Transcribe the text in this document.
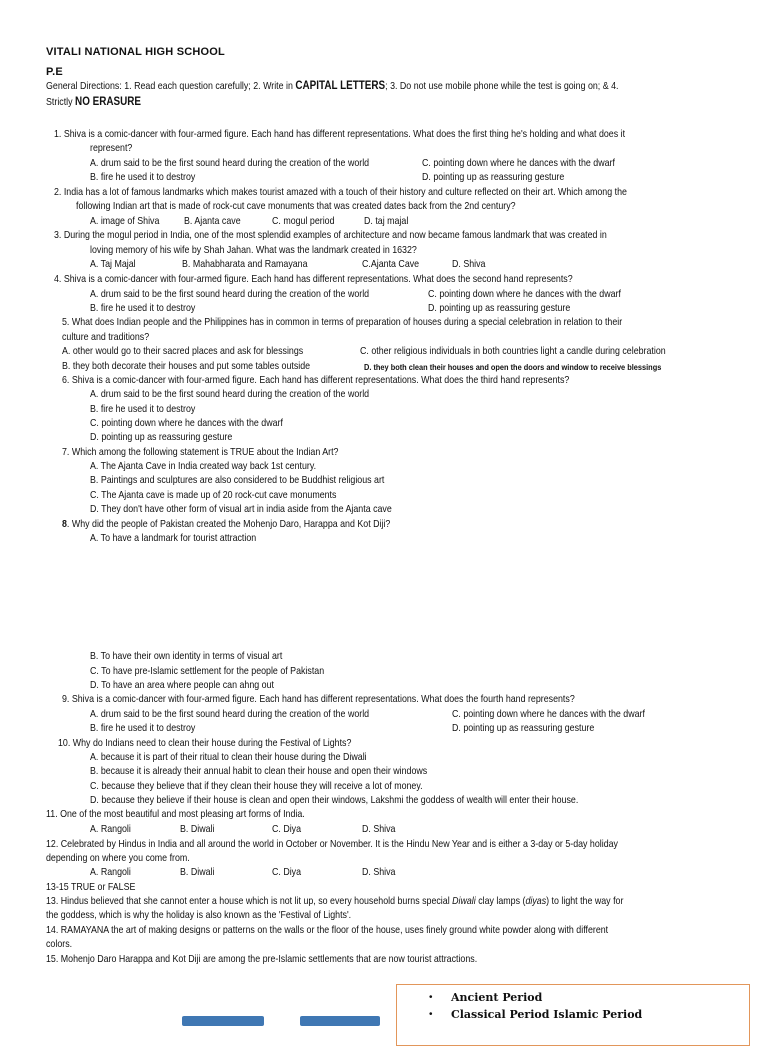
VITALI NATIONAL HIGH SCHOOL
P.E
General Directions: 1. Read each question carefully; 2. Write in CAPITAL LETTERS; 3. Do not use mobile phone while the test is going on; & 4.
Strictly NO ERASURE
1. Shiva is a comic-dancer with four-armed figure. Each hand has different representations. What does the first thing he's holding and what does it
represent?
A. drum said to be the first sound heard during the creation of the world	C. pointing down where he dances with the dwarf
B. fire he used it to destroy	D. pointing up as reassuring gesture
2. India has a lot of famous landmarks which makes tourist amazed with a touch of their history and culture reflected on their art. Which among the
following Indian art that is made of rock-cut cave monuments that was created dates back from the 2nd century?
A. image of Shiva B. Ajanta cave	C. mogul period	D. taj majal
3. During the mogul period in India, one of the most splendid examples of architecture and now became famous landmark that was created in
loving memory of his wife by Shah Jahan. What was the landmark created in 1632?
A. Taj Majal	B. Mahabharata and Ramayana	C.Ajanta Cave	D. Shiva
4. Shiva is a comic-dancer with four-armed figure. Each hand has different representations. What does the second hand represents?
A. drum said to be the first sound heard during the creation of the world	C. pointing down where he dances with the dwarf
B. fire he used it to destroy	D. pointing up as reassuring gesture
5. What does Indian people and the Philippines has in common in terms of preparation of houses during a special celebration in relation to their
culture and traditions?
A. other would go to their sacred places and ask for blessings	C. other religious individuals in both countries light a candle during celebration
B. they both decorate their houses and put some tables outside	D. they both clean their houses and open the doors and window to receive blessings
6. Shiva is a comic-dancer with four-armed figure. Each hand has different representations. What does the third hand represents?
A. drum said to be the first sound heard during the creation of the world
B. fire he used it to destroy
C. pointing down where he dances with the dwarf
D. pointing up as reassuring gesture
7. Which among the following statement is TRUE about the Indian Art?
A. The Ajanta Cave in India created way back 1st century.
B. Paintings and sculptures are also considered to be Buddhist religious art
C. The Ajanta cave is made up of 20 rock-cut cave monuments
D. They don't have other form of visual art in india aside from the Ajanta cave
8. Why did the people of Pakistan created the Mohenjo Daro, Harappa and Kot Diji?
A. To have a landmark for tourist attraction
B. To have their own identity in terms of visual art
C. To have pre-Islamic settlement for the people of Pakistan
D. To have an area where people can ahng out
9. Shiva is a comic-dancer with four-armed figure. Each hand has different representations. What does the fourth hand represents?
A. drum said to be the first sound heard during the creation of the world	C. pointing down where he dances with the dwarf
B. fire he used it to destroy	D. pointing up as reassuring gesture
10. Why do Indians need to clean their house during the Festival of Lights?
A. because it is part of their ritual to clean their house during the Diwali
B. because it is already their annual habit to clean their house and open their windows
C. because they believe that if they clean their house they will receive a lot of money.
D. because they believe if their house is clean and open their windows, Lakshmi the goddess of wealth will enter their house.
11. One of the most beautiful and most pleasing art forms of India.
A. Rangoli	B. Diwali	C. Diya	D. Shiva
12. Celebrated by Hindus in India and all around the world in October or November. It is the Hindu New Year and is either a 3-day or 5-day holiday
depending on where you come from.
A. Rangoli	B. Diwali	C. Diya	D. Shiva
13-15 TRUE or FALSE
13. Hindus believed that she cannot enter a house which is not lit up, so every household burns special Diwali clay lamps (diyas) to light the way for
the goddess, which is why the holiday is also known as the 'Festival of Lights'.
14. RAMAYANA the art of making designs or patterns on the walls or the floor of the house, uses finely ground white powder along with different
colors.
15. Mohenjo Daro Harappa and Kot Diji are among the pre-Islamic settlements that are now tourist attractions.
• Ancient Period
• Classical Period Islamic Period
